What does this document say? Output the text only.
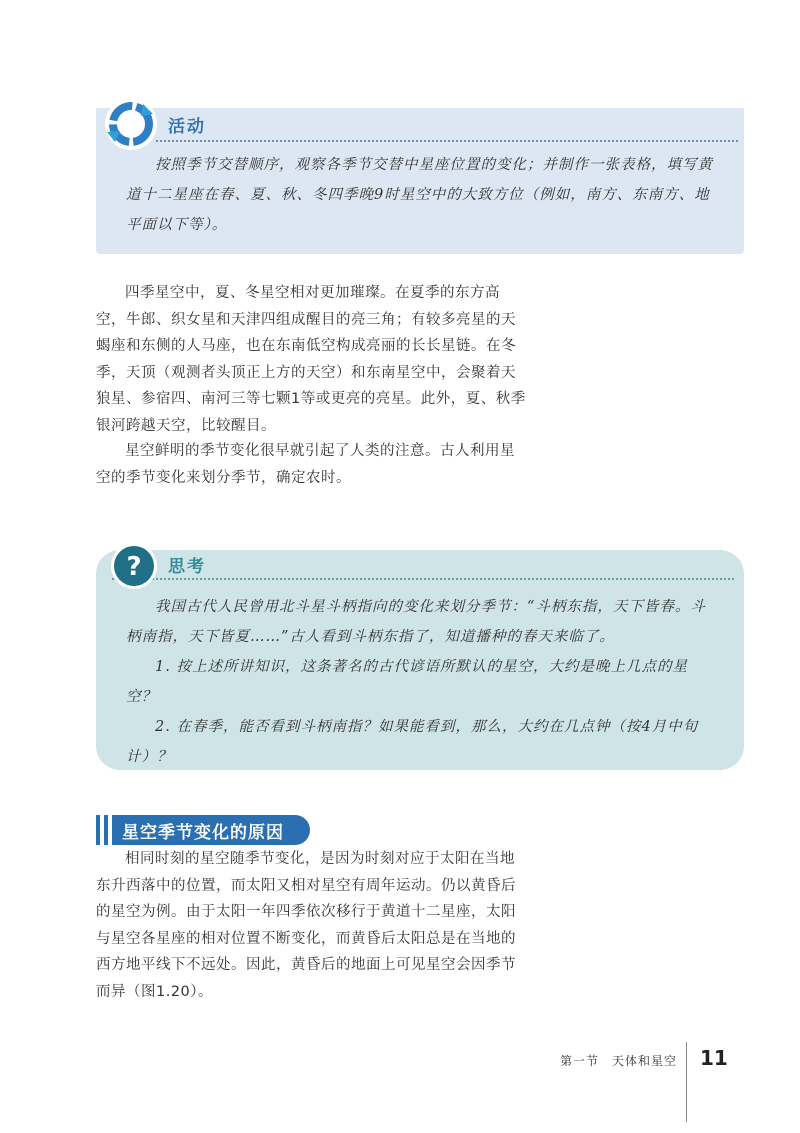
活动
按照季节交替顺序，观察各季节交替中星座位置的变化；并制作一张表格，填写黄道十二星座在春、夏、秋、冬四季晚9时星空中的大致方位（例如，南方、东南方、地平面以下等）。

四季星空中，夏、冬星空相对更加璀璨。在夏季的东方高空，牛郎、织女星和天津四组成醒目的亮三角；有较多亮星的天蝎座和东侧的人马座，也在东南低空构成亮丽的长长星链。在冬季，天顶（观测者头顶正上方的天空）和东南星空中，会聚着天狼星、参宿四、南河三等七颗1等或更亮的亮星。此外，夏、秋季银河跨越天空，比较醒目。

星空鲜明的季节变化很早就引起了人类的注意。古人利用星空的季节变化来划分季节，确定农时。

思考

我国古代人民曾用北斗星斗柄指向的变化来划分季节：“斗柄东指，天下皆春。斗柄南指，天下皆夏……”古人看到斗柄东指了，知道播种的春天来临了。

1. 按上述所讲知识，这条著名的古代谚语所默认的星空，大约是晚上几点的星空？

2. 在春季，能否看到斗柄南指？如果能看到，那么，大约在几点钟（按4月中旬计）？

?
星空季节变化的原因

相同时刻的星空随季节变化，是因为时刻对应于太阳在当地东升西落中的位置，而太阳又相对星空有周年运动。仍以黄昏后的星空为例。由于太阳一年四季依次移行于黄道十二星座，太阳与星空各星座的相对位置不断变化，而黄昏后太阳总是在当地的西方地平线下不远处。因此，黄昏后的地面上可见星空会因季节而异（图1.20）。

第一节　天体和星空 11
